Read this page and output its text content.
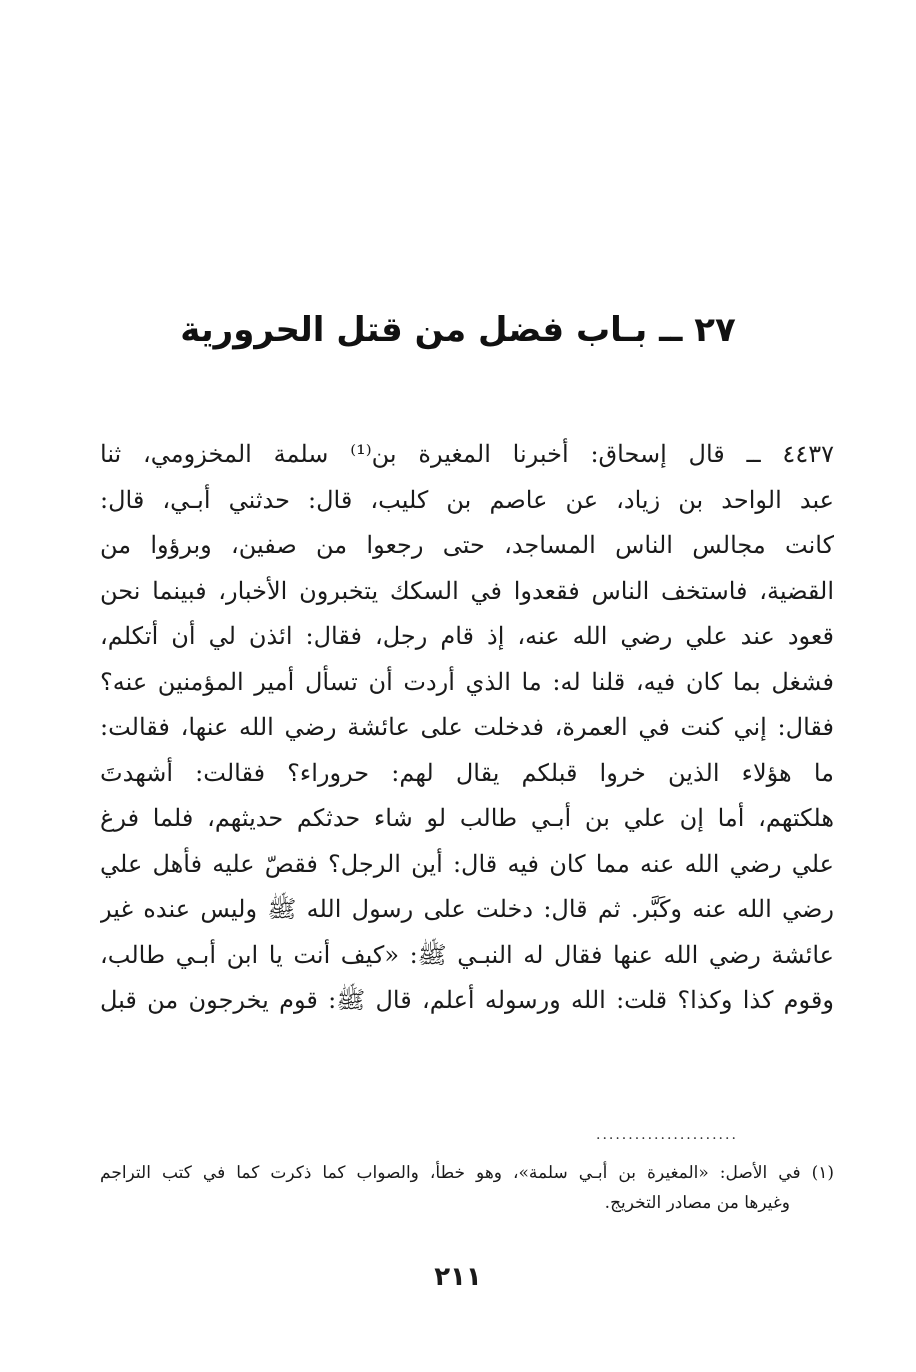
٢٧ ــ بـاب فضل من قتل الحرورية
٤٤٣٧ ــ قال إسحاق: أخبرنا المغيرة بن⁽¹⁾ سلمة المخزومي، ثنا
عبد الواحد بن زياد، عن عاصم بن كليب، قال: حدثني أبـي، قال:
كانت مجالس الناس المساجد، حتى رجعوا من صفين، وبرؤوا من
القضية، فاستخف الناس فقعدوا في السكك يتخبرون الأخبار، فبينما نحن
قعود عند علي رضي الله عنه، إذ قام رجل، فقال: ائذن لي أن أتكلم،
فشغل بما كان فيه، قلنا له: ما الذي أردت أن تسأل أمير المؤمنين عنه؟
فقال: إني كنت في العمرة، فدخلت على عائشة رضي الله عنها، فقالت:
ما هؤلاء الذين خروا قبلكم يقال لهم: حروراء؟ فقالت: أشهدتَ
هلكتهم، أما إن علي بن أبـي طالب لو شاء حدثكم حديثهم، فلما فرغ
علي رضي الله عنه مما كان فيه قال: أين الرجل؟ فقصّ عليه فأهل علي
رضي الله عنه وكَبَّر. ثم قال: دخلت على رسول الله ﷺ وليس عنده غير
عائشة رضي الله عنها فقال له النبـي ﷺ: «كيف أنت يا ابن أبـي طالب،
وقوم كذا وكذا؟ قلت: الله ورسوله أعلم، قال ﷺ: قوم يخرجون من قبل
......................
(١) في الأصل: «المغيرة بن أبـي سلمة»، وهو خطأ، والصواب كما ذكرت كما في كتب التراجم
وغيرها من مصادر التخريج.
٢١١
